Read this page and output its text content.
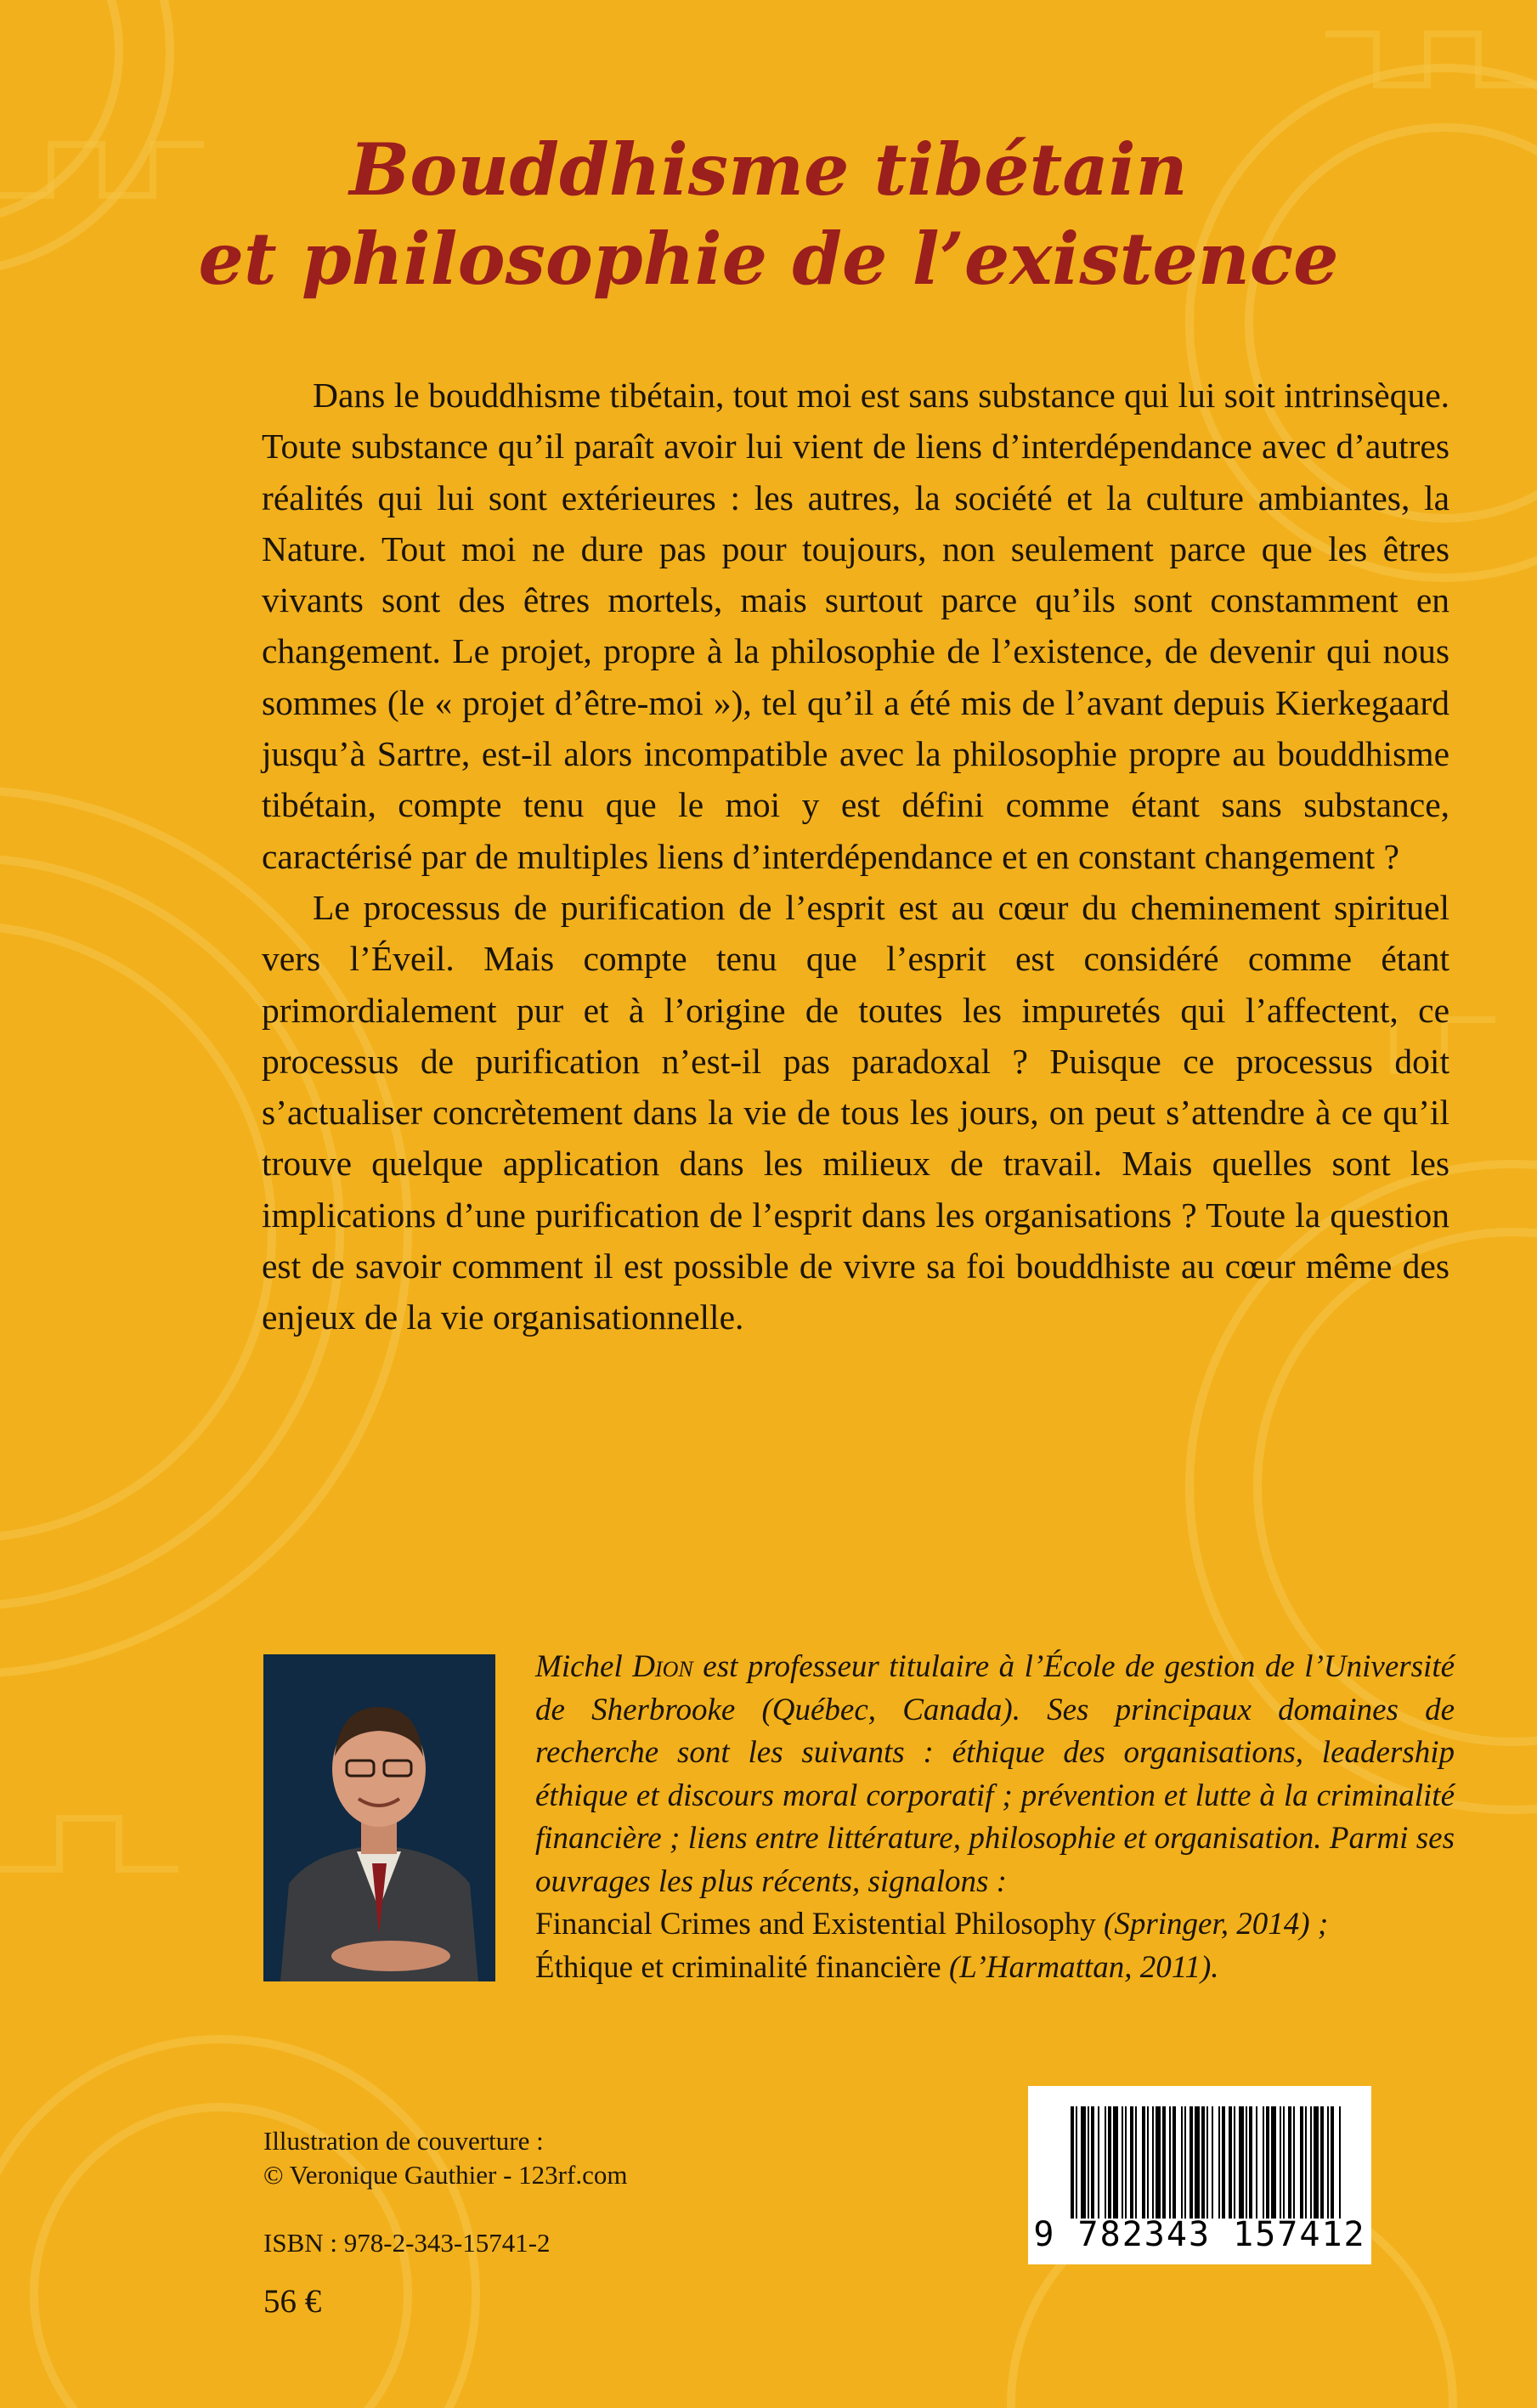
Bouddhisme tibétain
et philosophie de l’existence

Dans le bouddhisme tibétain, tout moi est sans substance qui lui soit intrinsèque. Toute substance qu’il paraît avoir lui vient de liens d’interdépendance avec d’autres réalités qui lui sont extérieures : les autres, la société et la culture ambiantes, la Nature. Tout moi ne dure pas pour toujours, non seulement parce que les êtres vivants sont des êtres mortels, mais surtout parce qu’ils sont constamment en changement. Le projet, propre à la philosophie de l’existence, de devenir qui nous sommes (le « projet d’être-moi »), tel qu’il a été mis de l’avant depuis Kierkegaard jusqu’à Sartre, est-il alors incompatible avec la philosophie propre au bouddhisme tibétain, compte tenu que le moi y est défini comme étant sans substance, caractérisé par de multiples liens d’interdépendance et en constant changement ?

Le processus de purification de l’esprit est au cœur du cheminement spirituel vers l’Éveil. Mais compte tenu que l’esprit est considéré comme étant primordialement pur et à l’origine de toutes les impuretés qui l’affectent, ce processus de purification n’est-il pas paradoxal ? Puisque ce processus doit s’actualiser concrètement dans la vie de tous les jours, on peut s’attendre à ce qu’il trouve quelque application dans les milieux de travail. Mais quelles sont les implications d’une purification de l’esprit dans les organisations ? Toute la question est de savoir comment il est possible de vivre sa foi bouddhiste au cœur même des enjeux de la vie organisationnelle.

Michel Dion est professeur titulaire à l’École de gestion de l’Université de Sherbrooke (Québec, Canada). Ses principaux domaines de recherche sont les suivants : éthique des organisations, leadership éthique et discours moral corporatif ; prévention et lutte à la criminalité financière ; liens entre littérature, philosophie et organisation. Parmi ses ouvrages les plus récents, signalons :
Financial Crimes and Existential Philosophy (Springer, 2014) ;
Éthique et criminalité financière (L’Harmattan, 2011).
Illustration de couverture :
© Veronique Gauthier - 123rf.com
ISBN : 978-2-343-15741-2
56 €
9 782343 157412
